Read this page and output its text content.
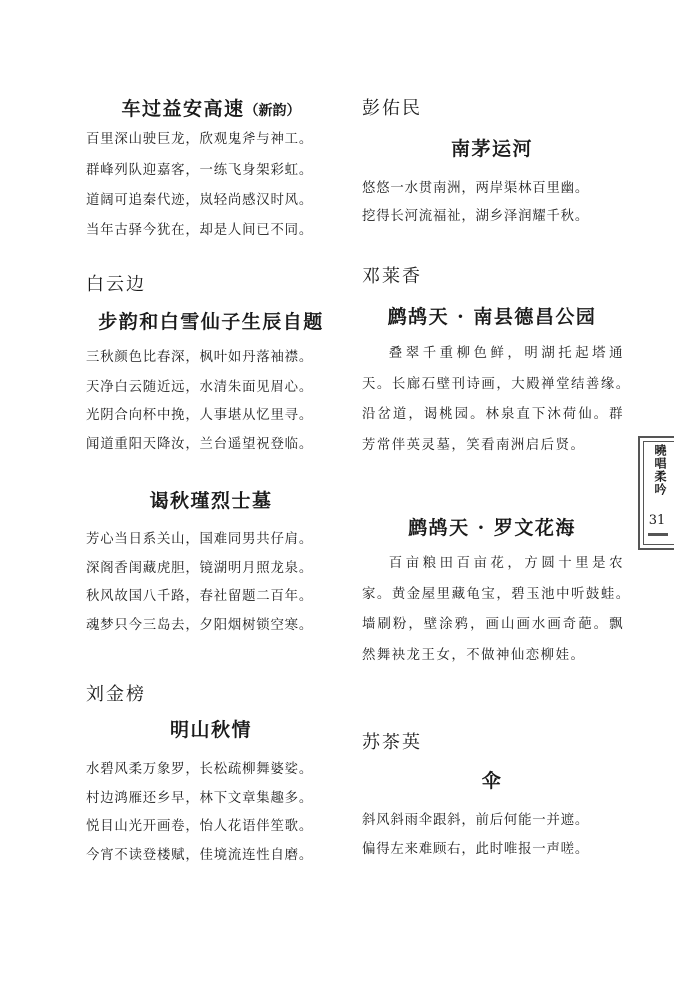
车过益安高速（新韵）
百里深山驶巨龙，欣观鬼斧与神工。
群峰列队迎嘉客，一练飞身架彩虹。
道阔可追秦代迹，岚轻尚感汉时风。
当年古驿今犹在，却是人间已不同。
白云边
步韵和白雪仙子生辰自题
三秋颜色比春深，枫叶如丹落袖襟。
天净白云随近远，水清朱面见眉心。
光阴合向杯中挽，人事堪从忆里寻。
闻道重阳天降汝，兰台遥望祝登临。
谒秋瑾烈士墓
芳心当日系关山，国难同男共仔肩。
深阁香闺藏虎胆，镜湖明月照龙泉。
秋风故国八千路，春社留题二百年。
魂梦只今三岛去，夕阳烟树锁空寒。
刘金榜
明山秋情
水碧风柔万象罗，长松疏柳舞婆娑。
村边鸿雁还乡早，林下文章集趣多。
悦目山光开画卷，怡人花语伴笙歌。
今宵不读登楼赋，佳境流连性自磨。
彭佑民
南茅运河
悠悠一水贯南洲，两岸渠林百里幽。
挖得长河流福祉，湖乡泽润耀千秋。
邓莱香
鹧鸪天 · 南县德昌公园
叠翠千重柳色鲜，明湖托起塔通天。长廊石壁刊诗画，大殿禅堂结善缘。　沿岔道，谒桃园。林泉直下沐荷仙。群芳常伴英灵墓，笑看南洲启后贤。
鹧鸪天 · 罗文花海
百亩粮田百亩花，方圆十里是农家。黄金屋里藏龟宝，碧玉池中听鼓蛙。　墙刷粉，壁涂鸦，画山画水画奇葩。飘然舞袂龙王女，不做神仙恋柳娃。
苏茶英
伞
斜风斜雨伞跟斜，前后何能一并遮。
偏得左来难顾右，此时唯报一声嗟。
曉唱柔吟
31
